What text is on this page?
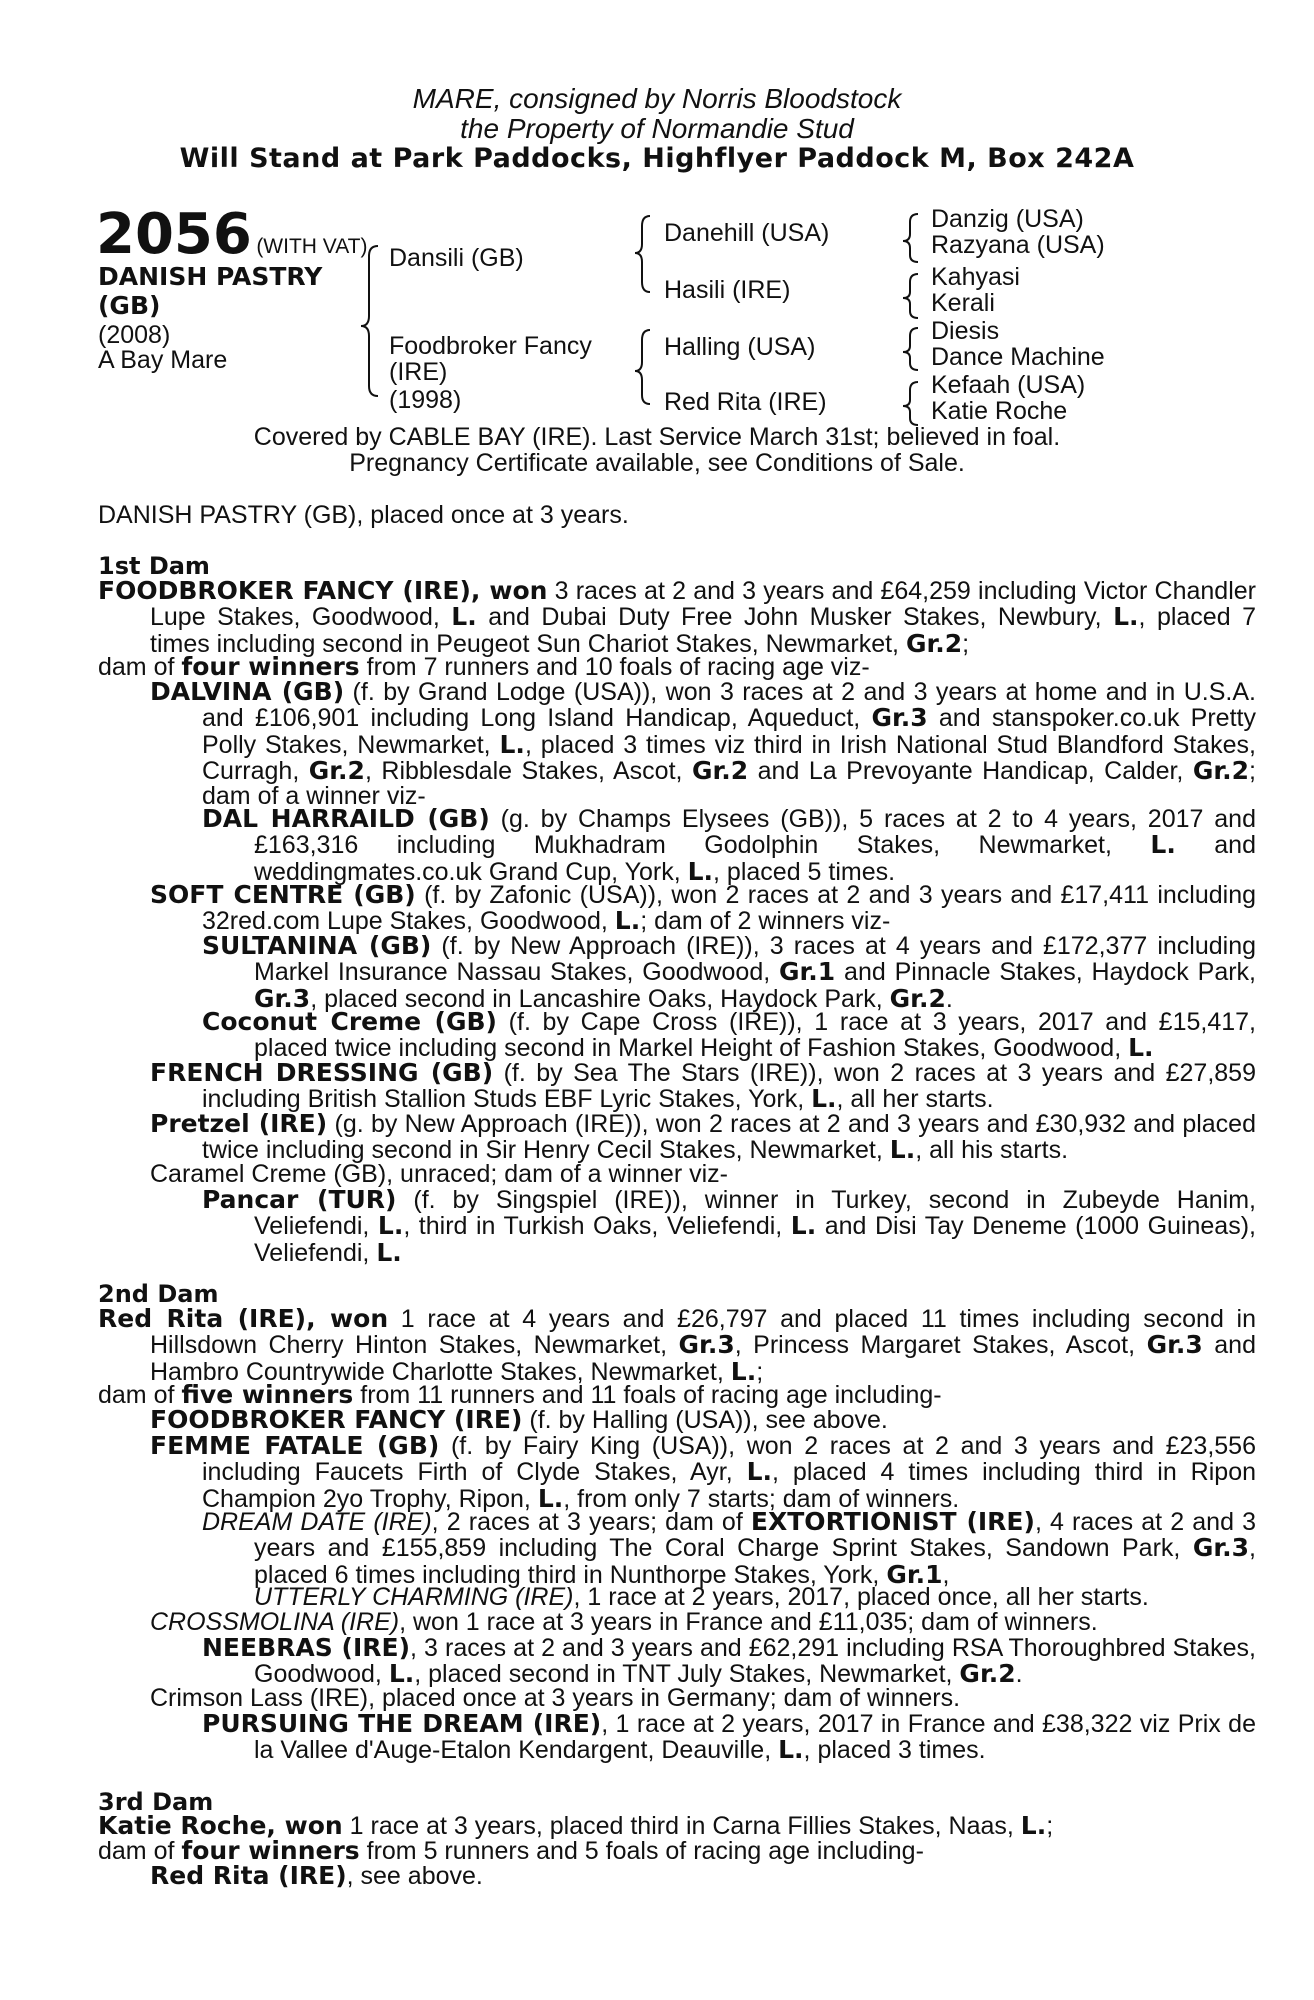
MARE, consigned by Norris Bloodstock
the Property of Normandie Stud
Will Stand at Park Paddocks, Highflyer Paddock M, Box 242A
2056 (WITH VAT)
DANISH PASTRY
(GB)
(2008)
A Bay Mare
Dansili (GB)
Foodbroker Fancy
(IRE)
(1998)
Danehill (USA)
Hasili (IRE)
Halling (USA)
Red Rita (IRE)
Danzig (USA)
Razyana (USA)
Kahyasi
Kerali
Diesis
Dance Machine
Kefaah (USA)
Katie Roche
Covered by CABLE BAY (IRE). Last Service March 31st; believed in foal.
Pregnancy Certificate available, see Conditions of Sale.
DANISH PASTRY (GB), placed once at 3 years.
1st Dam
FOODBROKER FANCY (IRE), won 3 races at 2 and 3 years and £64,259 including Victor Chandler Lupe Stakes, Goodwood, L. and Dubai Duty Free John Musker Stakes, Newbury, L., placed 7 times including second in Peugeot Sun Chariot Stakes, Newmarket, Gr.2;
dam of four winners from 7 runners and 10 foals of racing age viz-
DALVINA (GB) (f. by Grand Lodge (USA)), won 3 races at 2 and 3 years at home and in U.S.A. and £106,901 including Long Island Handicap, Aqueduct, Gr.3 and stanspoker.co.uk Pretty Polly Stakes, Newmarket, L., placed 3 times viz third in Irish National Stud Blandford Stakes, Curragh, Gr.2, Ribblesdale Stakes, Ascot, Gr.2 and La Prevoyante Handicap, Calder, Gr.2; dam of a winner viz-
DAL HARRAILD (GB) (g. by Champs Elysees (GB)), 5 races at 2 to 4 years, 2017 and £163,316 including Mukhadram Godolphin Stakes, Newmarket, L. and weddingmates.co.uk Grand Cup, York, L., placed 5 times.
SOFT CENTRE (GB) (f. by Zafonic (USA)), won 2 races at 2 and 3 years and £17,411 including 32red.com Lupe Stakes, Goodwood, L.; dam of 2 winners viz-
SULTANINA (GB) (f. by New Approach (IRE)), 3 races at 4 years and £172,377 including Markel Insurance Nassau Stakes, Goodwood, Gr.1 and Pinnacle Stakes, Haydock Park, Gr.3, placed second in Lancashire Oaks, Haydock Park, Gr.2.
Coconut Creme (GB) (f. by Cape Cross (IRE)), 1 race at 3 years, 2017 and £15,417, placed twice including second in Markel Height of Fashion Stakes, Goodwood, L.
FRENCH DRESSING (GB) (f. by Sea The Stars (IRE)), won 2 races at 3 years and £27,859 including British Stallion Studs EBF Lyric Stakes, York, L., all her starts.
Pretzel (IRE) (g. by New Approach (IRE)), won 2 races at 2 and 3 years and £30,932 and placed twice including second in Sir Henry Cecil Stakes, Newmarket, L., all his starts.
Caramel Creme (GB), unraced; dam of a winner viz-
Pancar (TUR) (f. by Singspiel (IRE)), winner in Turkey, second in Zubeyde Hanim, Veliefendi, L., third in Turkish Oaks, Veliefendi, L. and Disi Tay Deneme (1000 Guineas), Veliefendi, L.
2nd Dam
Red Rita (IRE), won 1 race at 4 years and £26,797 and placed 11 times including second in Hillsdown Cherry Hinton Stakes, Newmarket, Gr.3, Princess Margaret Stakes, Ascot, Gr.3 and Hambro Countrywide Charlotte Stakes, Newmarket, L.;
dam of five winners from 11 runners and 11 foals of racing age including-
FOODBROKER FANCY (IRE) (f. by Halling (USA)), see above.
FEMME FATALE (GB) (f. by Fairy King (USA)), won 2 races at 2 and 3 years and £23,556 including Faucets Firth of Clyde Stakes, Ayr, L., placed 4 times including third in Ripon Champion 2yo Trophy, Ripon, L., from only 7 starts; dam of winners.
DREAM DATE (IRE), 2 races at 3 years; dam of EXTORTIONIST (IRE), 4 races at 2 and 3 years and £155,859 including The Coral Charge Sprint Stakes, Sandown Park, Gr.3, placed 6 times including third in Nunthorpe Stakes, York, Gr.1,
UTTERLY CHARMING (IRE), 1 race at 2 years, 2017, placed once, all her starts.
CROSSMOLINA (IRE), won 1 race at 3 years in France and £11,035; dam of winners.
NEEBRAS (IRE), 3 races at 2 and 3 years and £62,291 including RSA Thoroughbred Stakes, Goodwood, L., placed second in TNT July Stakes, Newmarket, Gr.2.
Crimson Lass (IRE), placed once at 3 years in Germany; dam of winners.
PURSUING THE DREAM (IRE), 1 race at 2 years, 2017 in France and £38,322 viz Prix de la Vallee d'Auge-Etalon Kendargent, Deauville, L., placed 3 times.
3rd Dam
Katie Roche, won 1 race at 3 years, placed third in Carna Fillies Stakes, Naas, L.;
dam of four winners from 5 runners and 5 foals of racing age including-
Red Rita (IRE), see above.
